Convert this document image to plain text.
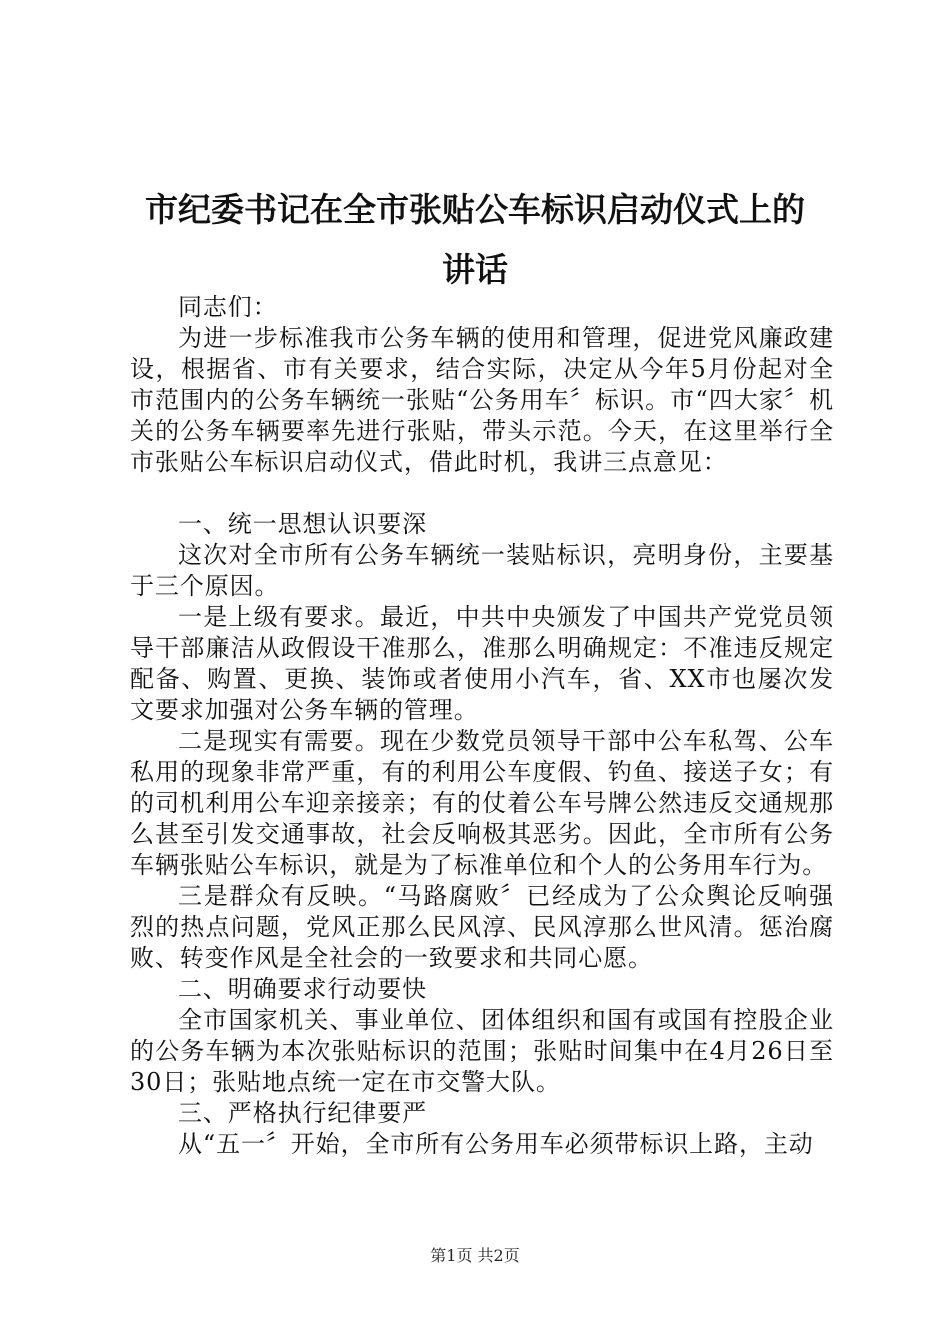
市纪委书记在全市张贴公车标识启动仪式上的
讲话

同志们：

为进一步标准我市公务车辆的使用和管理，促进党风廉政建设，根据省、市有关要求，结合实际，决定从今年5月份起对全市范围内的公务车辆统一张贴“公务用车〞标识。市“四大家〞机关的公务车辆要率先进行张贴，带头示范。今天，在这里举行全市张贴公车标识启动仪式，借此时机，我讲三点意见：

一、统一思想认识要深

这次对全市所有公务车辆统一装贴标识，亮明身份，主要基于三个原因。

一是上级有要求。最近，中共中央颁发了中国共产党党员领导干部廉洁从政假设干准那么，准那么明确规定：不准违反规定配备、购置、更换、装饰或者使用小汽车，省、XX市也屡次发文要求加强对公务车辆的管理。

二是现实有需要。现在少数党员领导干部中公车私驾、公车私用的现象非常严重，有的利用公车度假、钓鱼、接送子女；有的司机利用公车迎亲接亲；有的仗着公车号牌公然违反交通规那么甚至引发交通事故，社会反响极其恶劣。因此，全市所有公务车辆张贴公车标识，就是为了标准单位和个人的公务用车行为。

三是群众有反映。“马路腐败〞已经成为了公众舆论反响强烈的热点问题，党风正那么民风淳、民风淳那么世风清。惩治腐败、转变作风是全社会的一致要求和共同心愿。

二、明确要求行动要快

全市国家机关、事业单位、团体组织和国有或国有控股企业的公务车辆为本次张贴标识的范围；张贴时间集中在4月26日至30日；张贴地点统一定在市交警大队。

三、严格执行纪律要严

从“五一〞开始，全市所有公务用车必须带标识上路，主动

第1页 共2页
